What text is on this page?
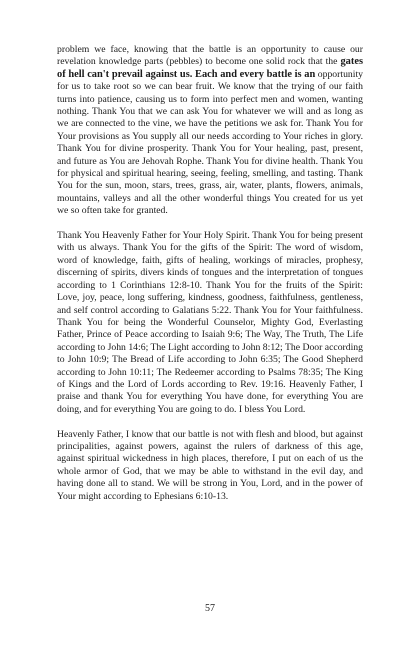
problem we face, knowing that the battle is an opportunity to cause our revelation knowledge parts (pebbles) to become one solid rock that the gates of hell can't prevail against us. Each and every battle is an opportunity for us to take root so we can bear fruit. We know that the trying of our faith turns into patience, causing us to form into perfect men and women, wanting nothing. Thank You that we can ask You for whatever we will and as long as we are connected to the vine, we have the petitions we ask for. Thank You for Your provisions as You supply all our needs according to Your riches in glory. Thank You for divine prosperity. Thank You for Your healing, past, present, and future as You are Jehovah Rophe. Thank You for divine health. Thank You for physical and spiritual hearing, seeing, feeling, smelling, and tasting. Thank You for the sun, moon, stars, trees, grass, air, water, plants, flowers, animals, mountains, valleys and all the other wonderful things You created for us yet we so often take for granted.

Thank You Heavenly Father for Your Holy Spirit. Thank You for being present with us always. Thank You for the gifts of the Spirit: The word of wisdom, word of knowledge, faith, gifts of healing, workings of miracles, prophesy, discerning of spirits, divers kinds of tongues and the interpretation of tongues according to 1 Corinthians 12:8-10. Thank You for the fruits of the Spirit: Love, joy, peace, long suffering, kindness, goodness, faithfulness, gentleness, and self control according to Galatians 5:22. Thank You for Your faithfulness. Thank You for being the Wonderful Counselor, Mighty God, Everlasting Father, Prince of Peace according to Isaiah 9:6; The Way, The Truth, The Life according to John 14:6; The Light according to John 8:12; The Door according to John 10:9; The Bread of Life according to John 6:35; The Good Shepherd according to John 10:11; The Redeemer according to Psalms 78:35; The King of Kings and the Lord of Lords according to Rev. 19:16. Heavenly Father, I praise and thank You for everything You have done, for everything You are doing, and for everything You are going to do. I bless You Lord.

Heavenly Father, I know that our battle is not with flesh and blood, but against principalities, against powers, against the rulers of darkness of this age, against spiritual wickedness in high places, therefore, I put on each of us the whole armor of God, that we may be able to withstand in the evil day, and having done all to stand. We will be strong in You, Lord, and in the power of Your might according to Ephesians 6:10-13.

57
